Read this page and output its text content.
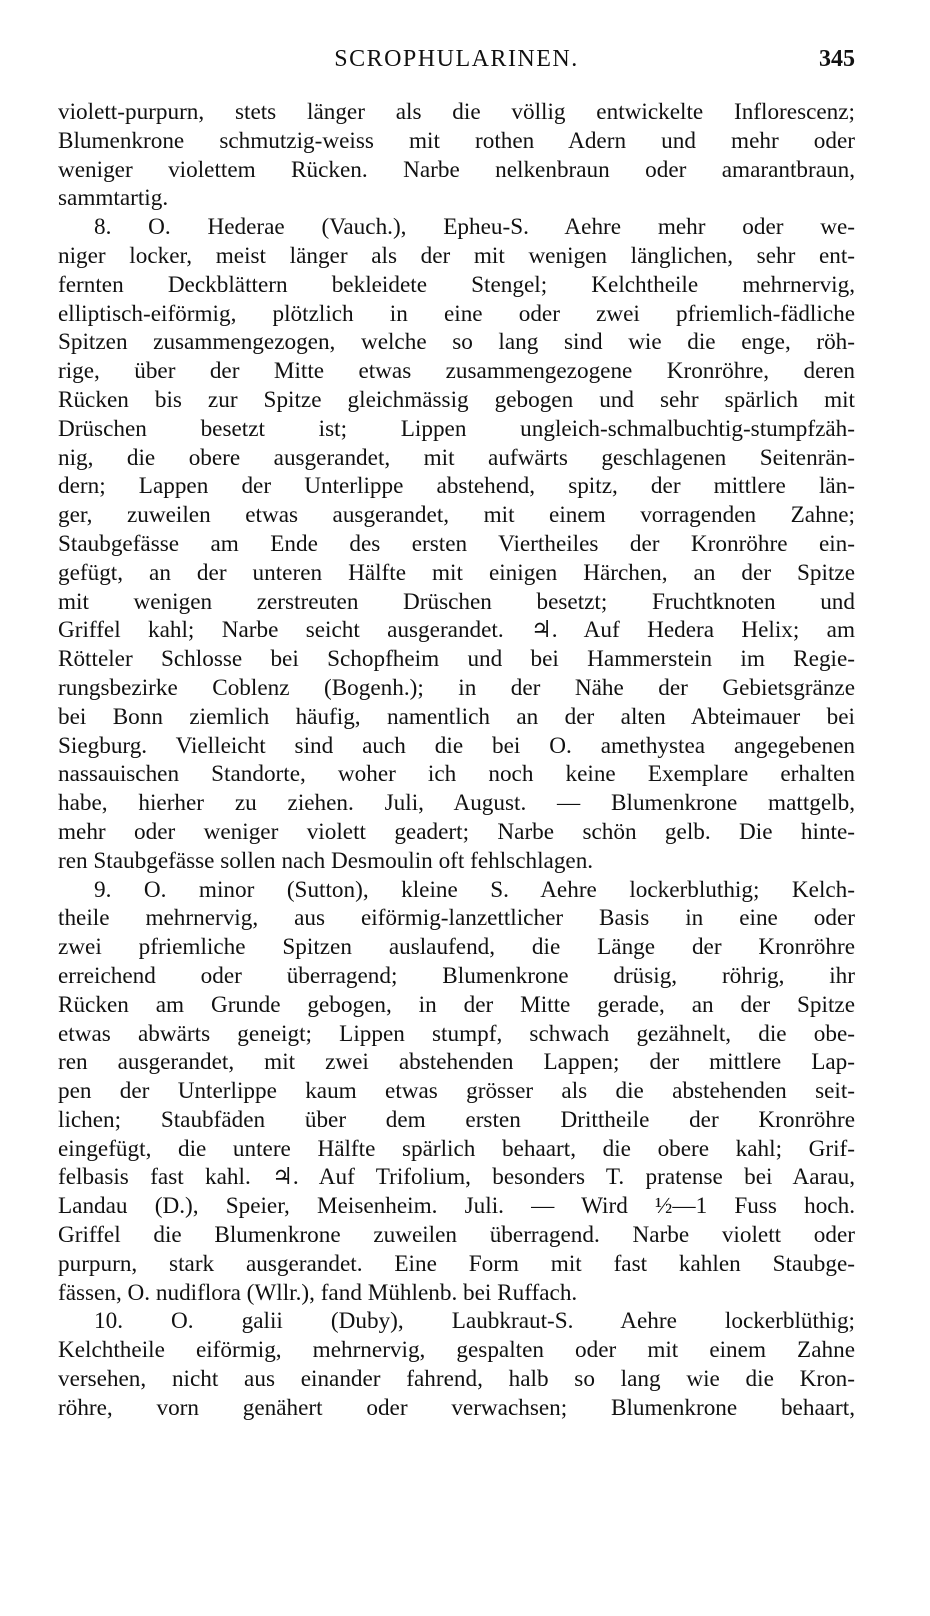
SCROPHULARINEN.	345
violett-purpurn, stets länger als die völlig entwickelte Inflorescenz;
Blumenkrone schmutzig-weiss mit rothen Adern und mehr oder
weniger violettem Rücken. Narbe nelkenbraun oder amarantbraun,
sammtartig.
8. O. Hederae (Vauch.), Epheu-S. Aehre mehr oder we-
niger locker, meist länger als der mit wenigen länglichen, sehr ent-
fernten Deckblättern bekleidete Stengel; Kelchtheile mehrnervig,
elliptisch-eiförmig, plötzlich in eine oder zwei pfriemlich-fädliche
Spitzen zusammengezogen, welche so lang sind wie die enge, röh-
rige, über der Mitte etwas zusammengezogene Kronröhre, deren
Rücken bis zur Spitze gleichmässig gebogen und sehr spärlich mit
Drüschen besetzt ist; Lippen ungleich-schmalbuchtig-stumpfzäh-
nig, die obere ausgerandet, mit aufwärts geschlagenen Seitenrän-
dern; Lappen der Unterlippe abstehend, spitz, der mittlere län-
ger, zuweilen etwas ausgerandet, mit einem vorragenden Zahne;
Staubgefässe am Ende des ersten Viertheiles der Kronröhre ein-
gefügt, an der unteren Hälfte mit einigen Härchen, an der Spitze
mit wenigen zerstreuten Drüschen besetzt; Fruchtknoten und
Griffel kahl; Narbe seicht ausgerandet. ♃. Auf Hedera Helix; am
Rötteler Schlosse bei Schopfheim und bei Hammerstein im Regie-
rungsbezirke Coblenz (Bogenh.); in der Nähe der Gebietsgränze
bei Bonn ziemlich häufig, namentlich an der alten Abteimauer bei
Siegburg. Vielleicht sind auch die bei O. amethystea angegebenen
nassauischen Standorte, woher ich noch keine Exemplare erhalten
habe, hierher zu ziehen. Juli, August. — Blumenkrone mattgelb,
mehr oder weniger violett geadert; Narbe schön gelb. Die hinte-
ren Staubgefässe sollen nach Desmoulin oft fehlschlagen.
9. O. minor (Sutton), kleine S. Aehre lockerbluthig; Kelch-
theile mehrnervig, aus eiförmig-lanzettlicher Basis in eine oder
zwei pfriemliche Spitzen auslaufend, die Länge der Kronröhre
erreichend oder überragend; Blumenkrone drüsig, röhrig, ihr
Rücken am Grunde gebogen, in der Mitte gerade, an der Spitze
etwas abwärts geneigt; Lippen stumpf, schwach gezähnelt, die obe-
ren ausgerandet, mit zwei abstehenden Lappen; der mittlere Lap-
pen der Unterlippe kaum etwas grösser als die abstehenden seit-
lichen; Staubfäden über dem ersten Drittheile der Kronröhre
eingefügt, die untere Hälfte spärlich behaart, die obere kahl; Grif-
felbasis fast kahl. ♃. Auf Trifolium, besonders T. pratense bei Aarau,
Landau (D.), Speier, Meisenheim. Juli. — Wird ½—1 Fuss hoch.
Griffel die Blumenkrone zuweilen überragend. Narbe violett oder
purpurn, stark ausgerandet. Eine Form mit fast kahlen Staubge-
fässen, O. nudiflora (Wllr.), fand Mühlenb. bei Ruffach.
10. O. galii (Duby), Laubkraut-S. Aehre lockerblüthig;
Kelchtheile eiförmig, mehrnervig, gespalten oder mit einem Zahne
versehen, nicht aus einander fahrend, halb so lang wie die Kron-
röhre, vorn genähert oder verwachsen; Blumenkrone behaart,
